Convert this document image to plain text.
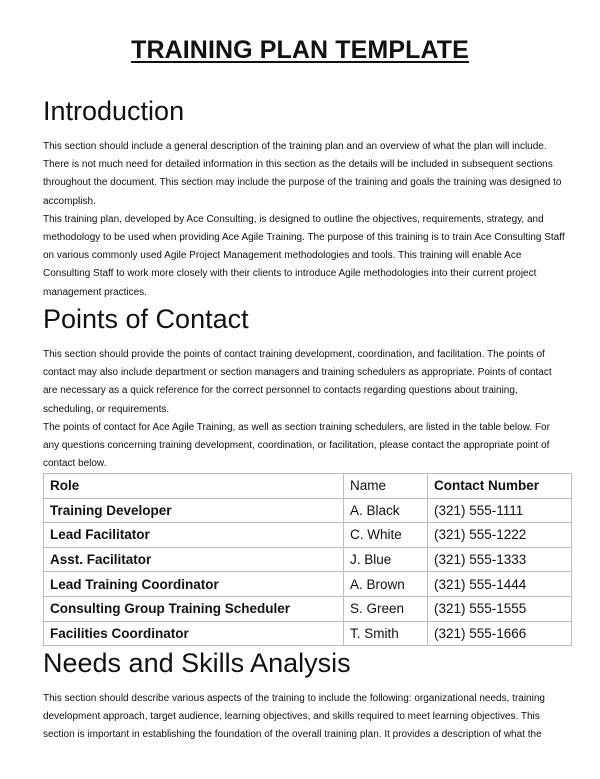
TRAINING PLAN TEMPLATE
Introduction

This section should include a general description of the training plan and an overview of what the plan will include. There is not much need for detailed information in this section as the details will be included in subsequent sections throughout the document. This section may include the purpose of the training and goals the training was designed to accomplish.

This training plan, developed by Ace Consulting, is designed to outline the objectives, requirements, strategy, and methodology to be used when providing Ace Agile Training. The purpose of this training is to train Ace Consulting Staff on various commonly used Agile Project Management methodologies and tools. This training will enable Ace Consulting Staff to work more closely with their clients to introduce Agile methodologies into their current project management practices.

Points of Contact

This section should provide the points of contact training development, coordination, and facilitation. The points of contact may also include department or section managers and training schedulers as appropriate. Points of contact are necessary as a quick reference for the correct personnel to contacts regarding questions about training, scheduling, or requirements.

The points of contact for Ace Agile Training, as well as section training schedulers, are listed in the table below. For any questions concerning training development, coordination, or facilitation, please contact the appropriate point of contact below.

Role	Name	Contact Number
Training Developer	A. Black	(321) 555-1111
Lead Facilitator	C. White	(321) 555-1222
Asst. Facilitator	J. Blue	(321) 555-1333
Lead Training Coordinator	A. Brown	(321) 555-1444
Consulting Group Training Scheduler	S. Green	(321) 555-1555
Facilities Coordinator	T. Smith	(321) 555-1666
Needs and Skills Analysis

This section should describe various aspects of the training to include the following: organizational needs, training development approach, target audience, learning objectives, and skills required to meet learning objectives. This section is important in establishing the foundation of the overall training plan. It provides a description of what the
